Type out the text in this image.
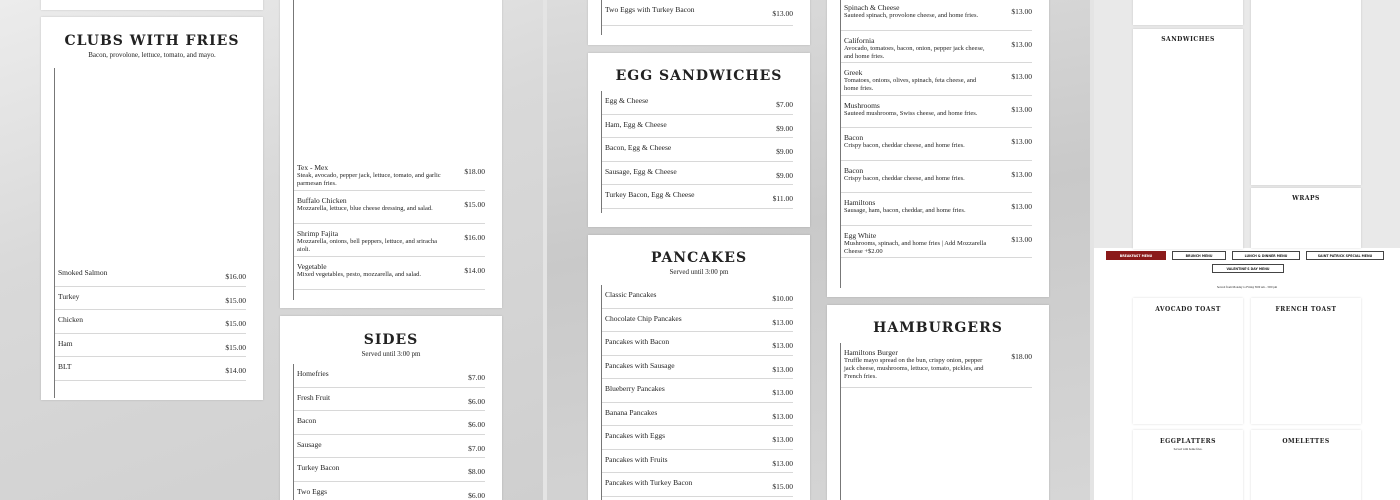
CLUBS WITH FRIES
Bacon, provolone, lettuce, tomato, and mayo.
Smoked Salmon	$16.00
Turkey	$15.00
Chicken	$15.00
Ham	$15.00
BLT	$14.00
Tex - Mex	$18.00
Steak, avocado, pepper jack, lettuce, tomato, and garlic parmesan fries.
Buffalo Chicken	$15.00
Mozzarella, lettuce, blue cheese dressing, and salad.
Shrimp Fajita	$16.00
Mozzarella, onions, bell peppers, lettuce, and sriracha aioli.
Vegetable	$14.00
Mixed vegetables, pesto, mozzarella, and salad.
SIDES
Served until 3:00 pm
Homefries	$7.00
Fresh Fruit	$6.00
Bacon	$6.00
Sausage	$7.00
Turkey Bacon	$8.00
Two Eggs	$6.00
Two Eggs with Turkey Bacon	$13.00
EGG SANDWICHES
Egg & Cheese	$7.00
Ham, Egg & Cheese	$9.00
Bacon, Egg & Cheese	$9.00
Sausage, Egg & Cheese	$9.00
Turkey Bacon, Egg & Cheese	$11.00
PANCAKES
Served until 3:00 pm
Classic Pancakes	$10.00
Chocolate Chip Pancakes	$13.00
Pancakes with Bacon	$13.00
Pancakes with Sausage	$13.00
Blueberry Pancakes	$13.00
Banana Pancakes	$13.00
Pancakes with Eggs	$13.00
Pancakes with Fruits	$13.00
Pancakes with Turkey Bacon	$15.00
Spinach & Cheese	$13.00
Sauteed spinach, provolone cheese, and home fries.
California	$13.00
Avocado, tomatoes, bacon, onion, pepper jack cheese, and home fries.
Greek	$13.00
Tomatoes, onions, olives, spinach, feta cheese, and home fries.
Mushrooms	$13.00
Sauteed mushrooms, Swiss cheese, and home fries.
Bacon	$13.00
Crispy bacon, cheddar cheese, and home fries.
Bacon	$13.00
Crispy bacon, cheddar cheese, and home fries.
Hamiltons	$13.00
Sausage, ham, bacon, cheddar, and home fries.
Egg White	$13.00
Mushrooms, spinach, and home fries | Add Mozzarella Cheese +$2.00
HAMBURGERS
Hamiltons Burger	$18.00
Truffle mayo spread on the bun, crispy onion, pepper jack cheese, mushrooms, lettuce, tomato, pickles, and French fries.
SANDWICHES
WRAPS
BREAKFAST MENU	BRUNCH MENU	LUNCH & DINNER MENU	SAINT PATRICK SPECIAL MENU
VALENTINE'S DAY MENU
Served from Monday to Friday 8:00 am - 3:00 pm
AVOCADO TOAST	FRENCH TOAST
EGGPLATTERS
Served with home fries.
OMELETTES
